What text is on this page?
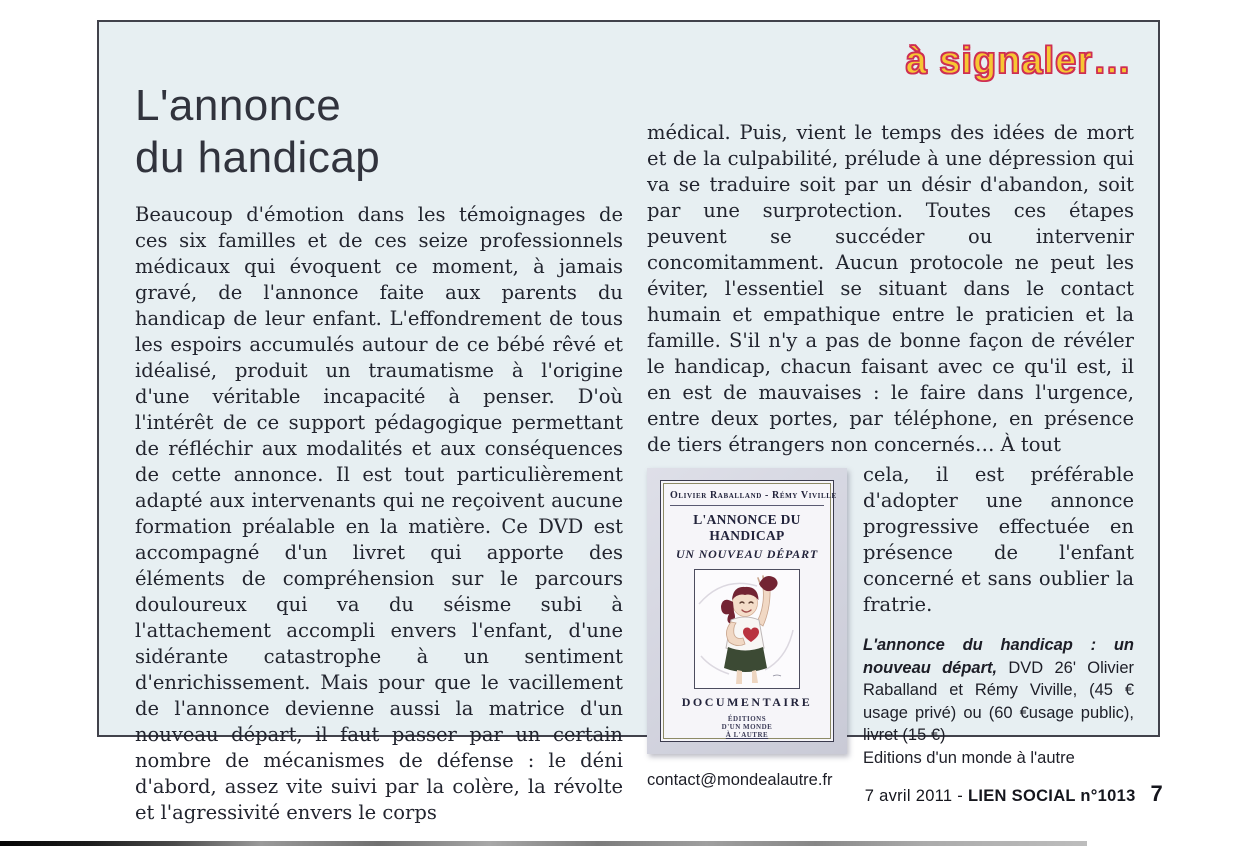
à signaler…
L'annonce
du handicap

Beaucoup d'émotion dans les témoignages de ces six familles et de ces seize professionnels médicaux qui évoquent ce moment, à jamais gravé, de l'annonce faite aux parents du handicap de leur enfant. L'effondrement de tous les espoirs accumulés autour de ce bébé rêvé et idéalisé, produit un traumatisme à l'origine d'une véritable incapacité à penser. D'où l'intérêt de ce support pédagogique permettant de réfléchir aux modalités et aux conséquences de cette annonce. Il est tout particulièrement adapté aux intervenants qui ne reçoivent aucune formation préalable en la matière. Ce DVD est accompagné d'un livret qui apporte des éléments de compréhension sur le parcours douloureux qui va du séisme subi à l'attachement accompli envers l'enfant, d'une sidérante catastrophe à un sentiment d'enrichissement. Mais pour que le vacillement de l'annonce devienne aussi la matrice d'un nouveau départ, il faut passer par un certain nombre de mécanismes de défense : le déni d'abord, assez vite suivi par la colère, la révolte et l'agressivité envers le corps

médical. Puis, vient le temps des idées de mort et de la culpabilité, prélude à une dépression qui va se traduire soit par un désir d'abandon, soit par une surprotection. Toutes ces étapes peuvent se succéder ou intervenir concomitamment. Aucun protocole ne peut les éviter, l'essentiel se situant dans le contact humain et empathique entre le praticien et la famille. S'il n'y a pas de bonne façon de révéler le handicap, chacun faisant avec ce qu'il est, il en est de mauvaises : le faire dans l'urgence, entre deux portes, par téléphone, en présence de tiers étrangers non concernés… À tout

Olivier Raballand - Rémy Viville
L'ANNONCE DU HANDICAP
UN NOUVEAU DÉPART
DOCUMENTAIRE
ÉDITIONS
D'UN MONDE
À L'AUTRE

cela, il est préférable d'adopter une annonce progressive effectuée en présence de l'enfant concerné et sans oublier la fratrie.

L'annonce du handicap : un nouveau départ, DVD 26' Olivier Raballand et Rémy Viville, (45 € usage privé) ou (60 €usage public), livret (15 €)

Editions d'un monde à l'autre
contact@mondealautre.fr
7 avril 2011 - LIEN SOCIAL n°1013 7
